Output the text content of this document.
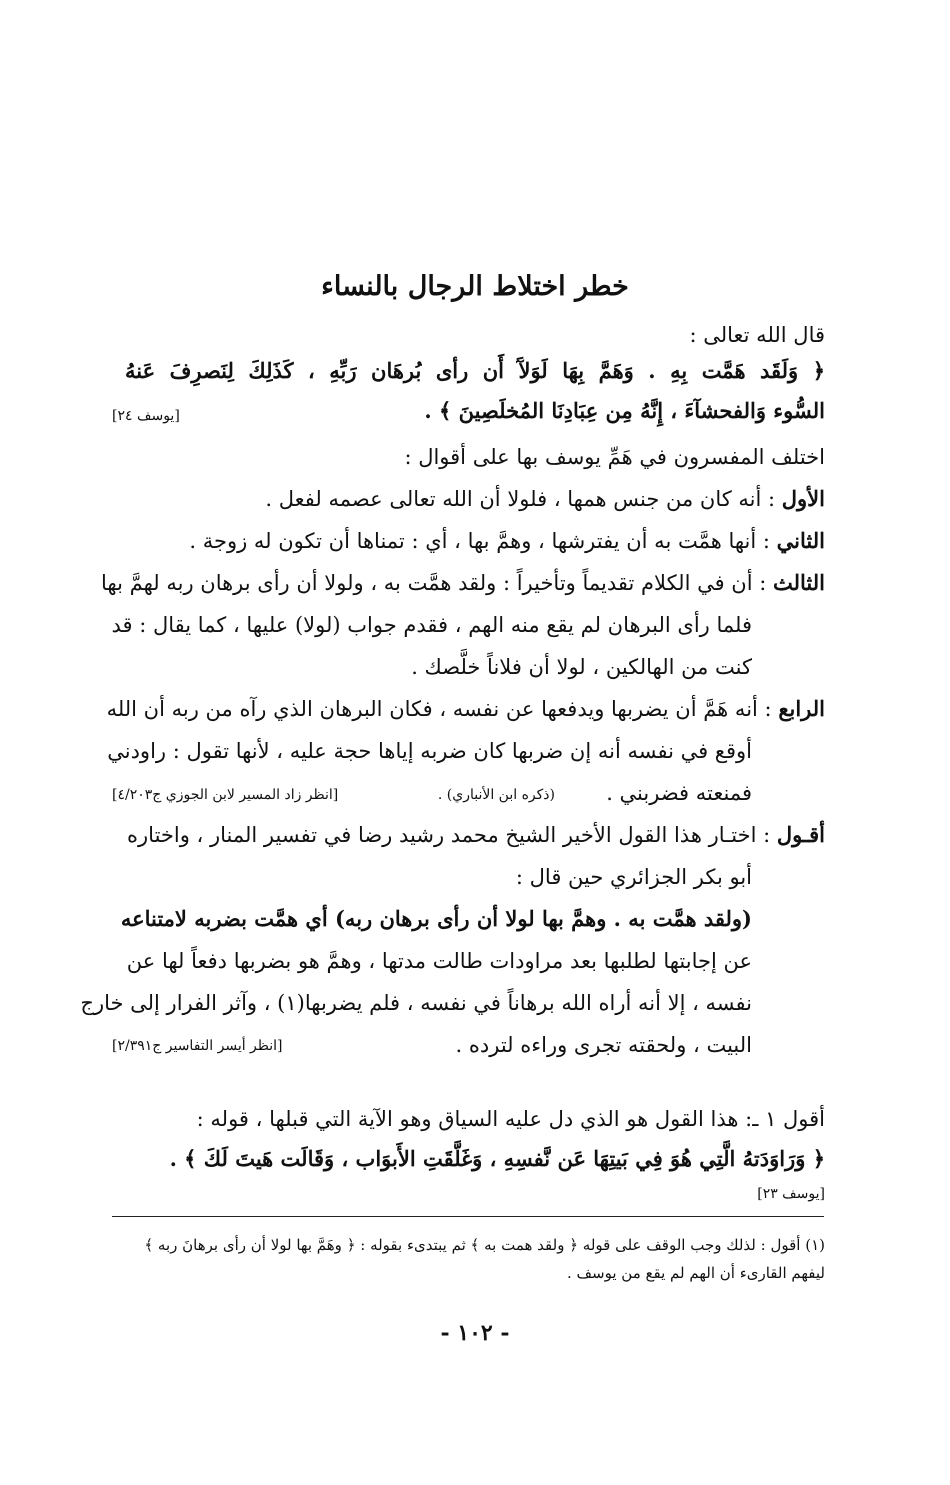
خطر اختلاط الرجال بالنساء
قال الله تعالى :
﴿ وَلَقَد هَمَّت بِهِ . وَهَمَّ بِهَا لَوَلآَ أَن رأى بُرهَان رَبِّهِ ، كَذَلِكَ لِنَصرِفَ عَنهُ
السُّوء وَالفحشآءَ ، إِنَّهُ مِن عِبَادِنَا المُخلَصِينَ ﴾ .
[يوسف ٢٤]
اختلف المفسرون في هَمِّ يوسف بها على أقوال :
الأول : أنه كان من جنس همها ، فلولا أن الله تعالى عصمه لفعل .
الثاني : أنها همَّت به أن يفترشها ، وهمَّ بها ، أي : تمناها أن تكون له زوجة .
الثالث : أن في الكلام تقديماً وتأخيراً : ولقد همَّت به ، ولولا أن رأى برهان ربه لهمَّ بها
فلما رأى البرهان لم يقع منه الهم ، فقدم جواب (لولا) عليها ، كما يقال : قد
كنت من الهالكين ، لولا أن فلاناً خلَّصك .
الرابع : أنه هَمَّ أن يضربها ويدفعها عن نفسه ، فكان البرهان الذي رآه من ربه أن الله
أوقع في نفسه أنه إن ضربها كان ضربه إياها حجة عليه ، لأنها تقول : راودني
فمنعته فضربني .
(ذكره ابن الأنباري) .
[انظر زاد المسير لابن الجوزي ج٤/٢٠٣]
أقـول : اختـار هذا القول الأخير الشيخ محمد رشيد رضا في تفسير المنار ، واختاره
أبو بكر الجزائري حين قال :
(ولقد همَّت به . وهمَّ بها لولا أن رأى برهان ربه) أي همَّت بضربه لامتناعه
عن إجابتها لطلبها بعد مراودات طالت مدتها ، وهمَّ هو بضربها دفعاً لها عن
نفسه ، إلا أنه أراه الله برهاناً في نفسه ، فلم يضربها(١) ، وآثر الفرار إلى خارج
البيت ، ولحقته تجرى وراءه لترده .
[انظر أيسر التفاسير ج٢/٣٩١]
أقول ١ ـ: هذا القول هو الذي دل عليه السياق وهو الآية التي قبلها ، قوله :
﴿ وَرَاوَدَتهُ الَّتِي هُوَ فِي بَيتِهَا عَن نَّفسِهِ ، وَغَلَّقَتِ الأَبوَاب ، وَقَالَت هَيتَ لَكَ ﴾ .
[يوسف ٢٣]
(١) أقول : لذلك وجب الوقف على قوله ﴿ ولقد همت به ﴾ ثم يبتدىء بقوله : ﴿ وهَمَّ بها لولا أن رأى برهانَ ربه ﴾
ليفهم القارىء أن الهم لم يقع من يوسف .
- ١٠٢ -
